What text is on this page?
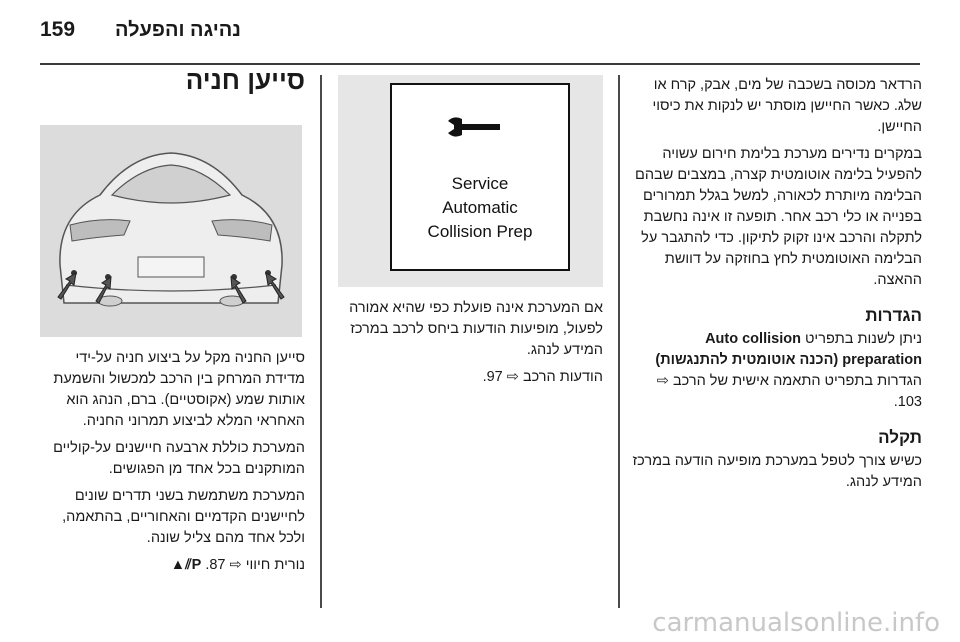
159 נהיגה והפעלה
סייען חניה

סייען החניה מקל על ביצוע חניה על-ידי מדידת המרחק בין הרכב למכשול והשמעת אותות שמע (אקוסטיים). ברם, הנהג הוא האחראי המלא לביצוע תמרוני החניה.

המערכת כוללת ארבעה חיישנים על-קוליים המותקנים בכל אחד מן הפגושים.

המערכת משתמשת בשני תדרים שונים לחיישנים הקדמיים והאחוריים, בהתאמה, ולכל אחד מהם צליל שונה.

נורית חיווי ⇨ 87. P⫽▲

Service
Automatic
Collision Prep

אם המערכת אינה פועלת כפי שהיא אמורה לפעול, מופיעות הודעות ביחס לרכב במרכז המידע לנהג.

הודעות הרכב ⇨ 97.

הרדאר מכוסה בשכבה של מים, אבק, קרח או שלג. כאשר החיישן מוסתר יש לנקות את כיסוי החיישן.

במקרים נדירים מערכת בלימת חירום עשויה להפעיל בלימה אוטומטית קצרה, במצבים שבהם הבלימה מיותרת לכאורה, למשל בגלל תמרורים בפנייה או כלי רכב אחר. תופעה זו אינה נחשבת לתקלה והרכב אינו זקוק לתיקון. כדי להתגבר על הבלימה האוטומטית לחץ בחוזקה על דוושת ההאצה.

הגדרות

ניתן לשנות בתפריט Auto collision preparation (הכנה אוטומטית להתנגשות) הגדרות בתפריט התאמה אישית של הרכב ⇨ 103.

תקלה

כשיש צורך לטפל במערכת מופיעה הודעה במרכז המידע לנהג.

carmanualsonline.info
